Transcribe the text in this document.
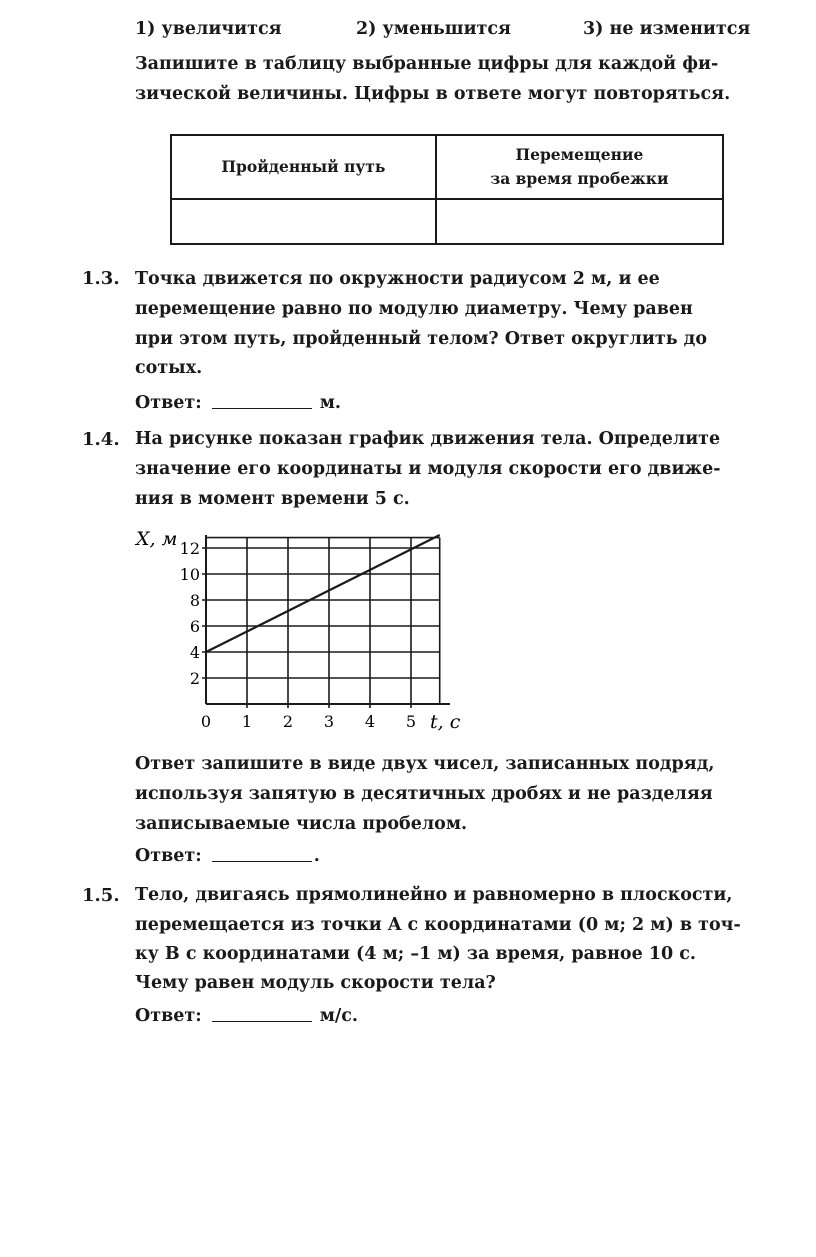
1) увеличится	2) уменьшится	3) не изменится
Запишите в таблицу выбранные цифры для каждой фи-
зической величины. Цифры в ответе могут повторяться.
Пройденный путь	Перемещение
за время пробежки

1.3. Точка движется по окружности радиусом 2 м, и ее
перемещение равно по модулю диаметру. Чему равен
при этом путь, пройденный телом? Ответ округлить до
сотых.
Ответ:	м.
1.4. На рисунке показан график движения тела. Определите
значение его координаты и модуля скорости его движе-
ния в момент времени 5 с.
2
4
6
8
10
12
0 1 2 3 4 5
X, м
t, с
Ответ запишите в виде двух чисел, записанных подряд,
используя запятую в десятичных дробях и не разделяя
записываемые числа пробелом.
Ответ:	.
1.5. Тело, двигаясь прямолинейно и равномерно в плоскости,
перемещается из точки A с координатами (0 м; 2 м) в точ-
ку B с координатами (4 м; –1 м) за время, равное 10 с.
Чему равен модуль скорости тела?
Ответ:	м/с.
